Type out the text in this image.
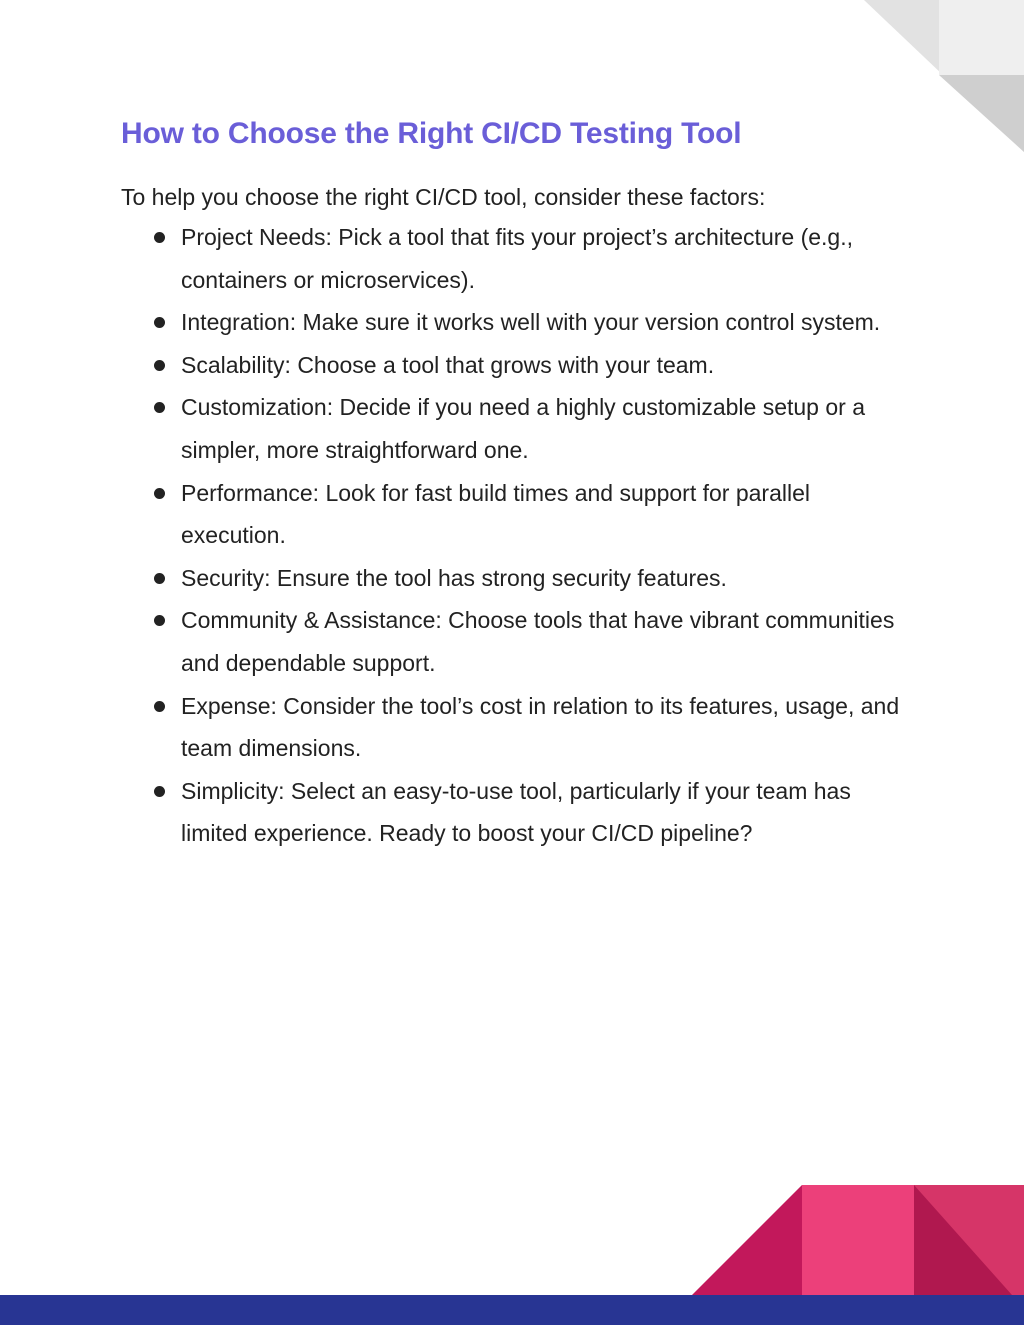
How to Choose the Right CI/CD Testing Tool

To help you choose the right CI/CD tool, consider these factors:

Project Needs: Pick a tool that fits your project’s architecture (e.g., containers or microservices).
Integration: Make sure it works well with your version control system.
Scalability: Choose a tool that grows with your team.
Customization: Decide if you need a highly customizable setup or a simpler, more straightforward one.
Performance: Look for fast build times and support for parallel execution.
Security: Ensure the tool has strong security features.
Community & Assistance: Choose tools that have vibrant communities and dependable support.
Expense: Consider the tool’s cost in relation to its features, usage, and team dimensions.
Simplicity: Select an easy-to-use tool, particularly if your team has limited experience. Ready to boost your CI/CD pipeline?
